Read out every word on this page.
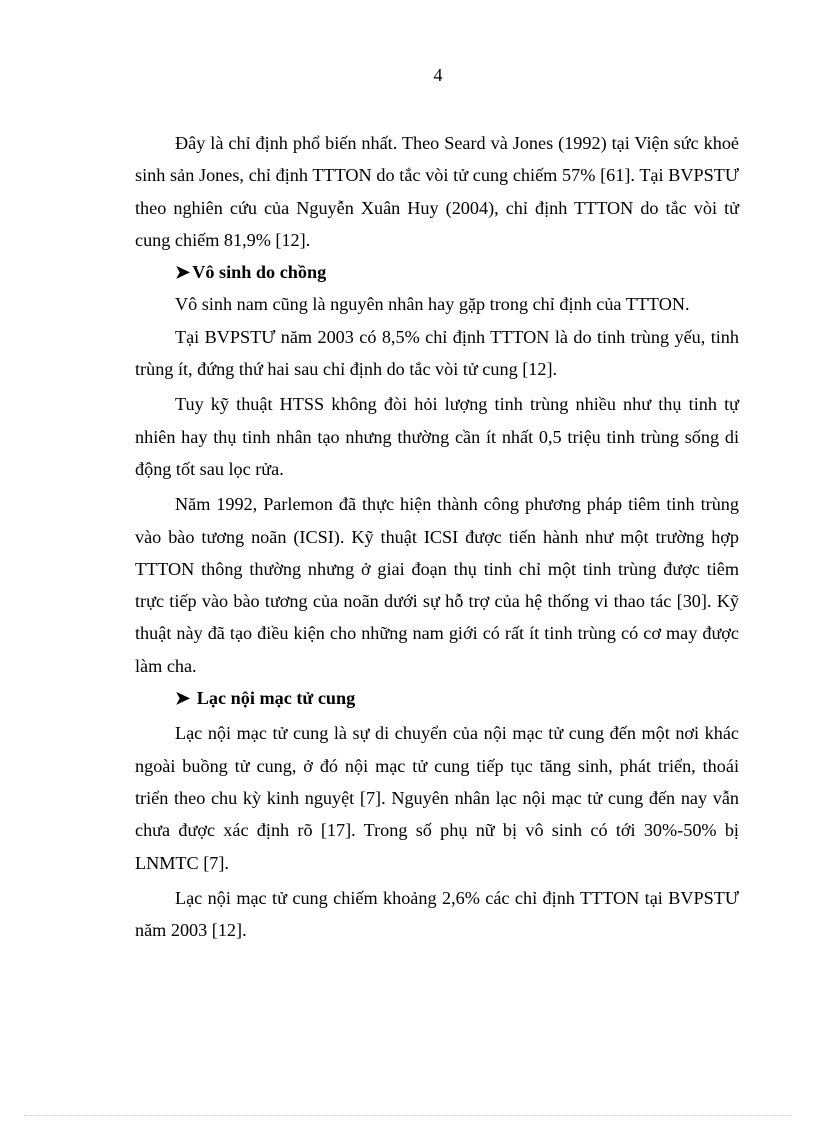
4

Đây là chỉ định phổ biến nhất. Theo Seard và Jones (1992) tại Viện sức khoẻ sinh sản Jones, chỉ định TTTON do tắc vòi tử cung chiếm 57% [61]. Tại BVPSTƯ theo nghiên cứu của Nguyễn Xuân Huy (2004), chỉ định TTTON do tắc vòi tử cung chiếm 81,9% [12].

➤ Vô sinh do chồng

Vô sinh nam cũng là nguyên nhân hay gặp trong chỉ định của TTTON.

Tại BVPSTƯ năm 2003 có 8,5% chỉ định TTTON là do tinh trùng yếu, tinh trùng ít, đứng thứ hai sau chỉ định do tắc vòi tử cung [12].

Tuy kỹ thuật HTSS không đòi hỏi lượng tinh trùng nhiều như thụ tinh tự nhiên hay thụ tinh nhân tạo nhưng thường cần ít nhất 0,5 triệu tinh trùng sống di động tốt sau lọc rửa.

Năm 1992, Parlemon đã thực hiện thành công phương pháp tiêm tinh trùng vào bào tương noãn (ICSI). Kỹ thuật ICSI được tiến hành như một trường hợp TTTON thông thường nhưng ở giai đoạn thụ tinh chỉ một tinh trùng được tiêm trực tiếp vào bào tương của noãn dưới sự hỗ trợ của hệ thống vi thao tác [30]. Kỹ thuật này đã tạo điều kiện cho những nam giới có rất ít tinh trùng có cơ may được làm cha.

➤ Lạc nội mạc tử cung

Lạc nội mạc tử cung là sự di chuyển của nội mạc tử cung đến một nơi khác ngoài buồng tử cung, ở đó nội mạc tử cung tiếp tục tăng sinh, phát triển, thoái triển theo chu kỳ kinh nguyệt [7]. Nguyên nhân lạc nội mạc tử cung đến nay vẫn chưa được xác định rõ [17]. Trong số phụ nữ bị vô sinh có tới 30%-50% bị LNMTC [7].

Lạc nội mạc tử cung chiếm khoảng 2,6% các chỉ định TTTON tại BVPSTƯ năm 2003 [12].
